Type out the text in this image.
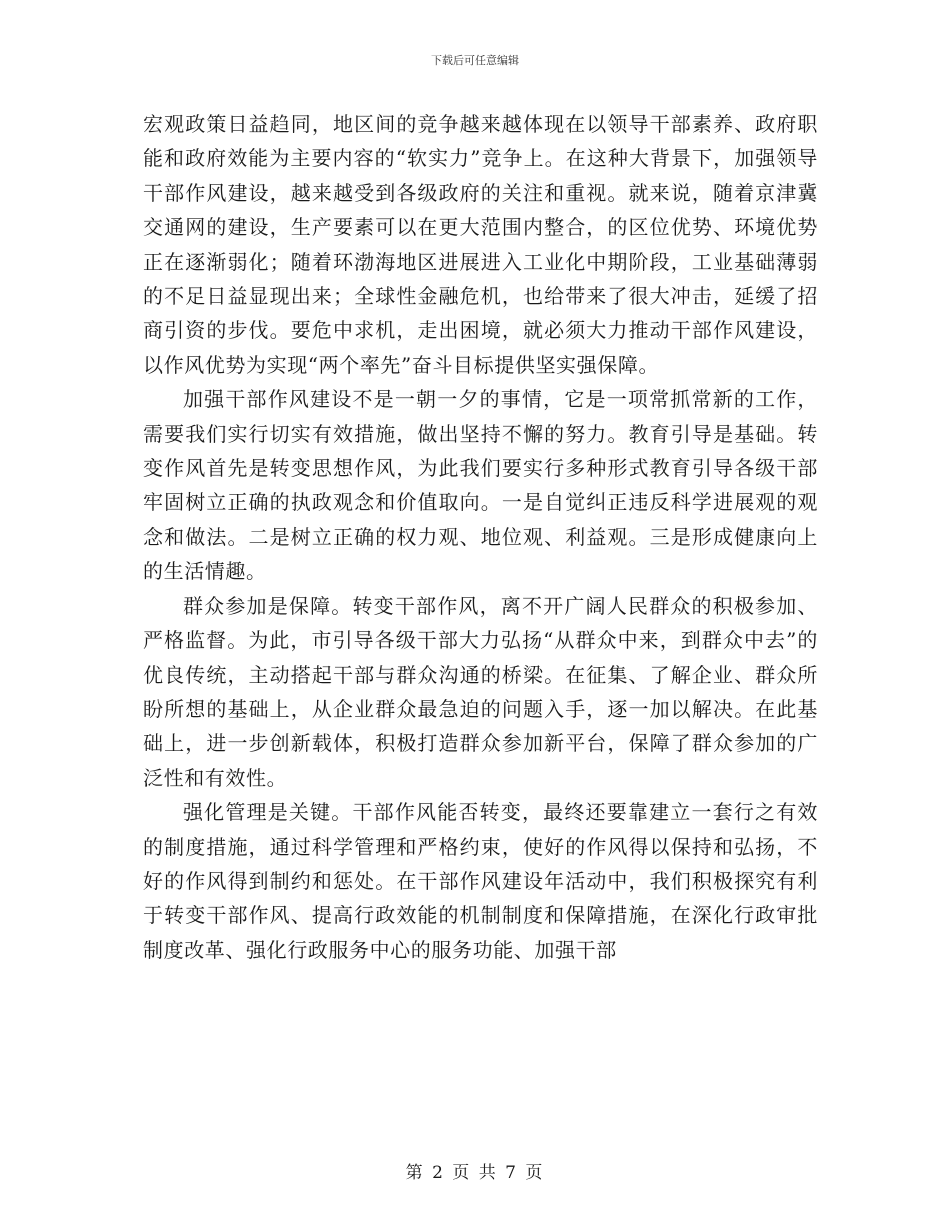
下载后可任意编辑

宏观政策日益趋同，地区间的竞争越来越体现在以领导干部素养、政府职能和政府效能为主要内容的“软实力”竞争上。在这种大背景下，加强领导干部作风建设，越来越受到各级政府的关注和重视。就来说，随着京津冀交通网的建设，生产要素可以在更大范围内整合，的区位优势、环境优势正在逐渐弱化；随着环渤海地区进展进入工业化中期阶段，工业基础薄弱的不足日益显现出来；全球性金融危机，也给带来了很大冲击，延缓了招商引资的步伐。要危中求机，走出困境，就必须大力推动干部作风建设，以作风优势为实现“两个率先”奋斗目标提供坚实强保障。

加强干部作风建设不是一朝一夕的事情，它是一项常抓常新的工作，需要我们实行切实有效措施，做出坚持不懈的努力。教育引导是基础。转变作风首先是转变思想作风，为此我们要实行多种形式教育引导各级干部牢固树立正确的执政观念和价值取向。一是自觉纠正违反科学进展观的观念和做法。二是树立正确的权力观、地位观、利益观。三是形成健康向上的生活情趣。

群众参加是保障。转变干部作风，离不开广阔人民群众的积极参加、严格监督。为此，市引导各级干部大力弘扬“从群众中来，到群众中去”的优良传统，主动搭起干部与群众沟通的桥梁。在征集、了解企业、群众所盼所想的基础上，从企业群众最急迫的问题入手，逐一加以解决。在此基础上，进一步创新载体，积极打造群众参加新平台，保障了群众参加的广泛性和有效性。

强化管理是关键。干部作风能否转变，最终还要靠建立一套行之有效的制度措施，通过科学管理和严格约束，使好的作风得以保持和弘扬，不好的作风得到制约和惩处。在干部作风建设年活动中，我们积极探究有利于转变干部作风、提高行政效能的机制制度和保障措施，在深化行政审批制度改革、强化行政服务中心的服务功能、加强干部

第 2 页 共 7 页
